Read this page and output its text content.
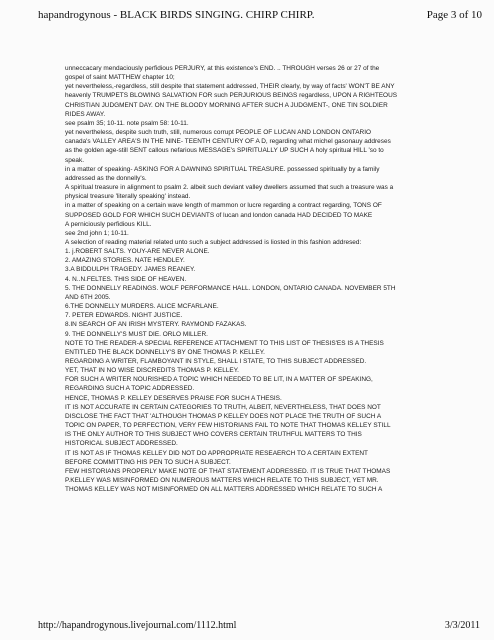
hapandrogynous - BLACK BIRDS SINGING. CHIRP CHIRP.	Page 3 of 10

unneccacary mendaciously perfidious PERJURY, at this existence's END. .. THROUGH verses 26 or 27 of the

gospel of saint MATTHEW chapter 10;

yet nevertheless,-regardless, still despite that statement addressed, THEIR clearly, by way of facts' WON'T BE ANY

heavenly TRUMPETS BLOWING SALVATION FOR such PERJURIOUS BEINGS regardless, UPON A RIGHTEOUS

CHRISTIAN JUDGMENT DAY. ON THE BLOODY MORNING AFTER SUCH A JUDGMENT-, ONE TIN SOLDIER

RIDES AWAY.

see psalm 35; 10-11. note psalm 58: 10-11.

yet nevertheless, despite such truth, still, numerous corrupt PEOPLE OF LUCAN AND LONDON ONTARIO

canada's VALLEY AREA'S IN THE NINE- TEENTH CENTURY OF A D, regarding what michel gasonauy addreses

as the golden age-still SENT callous nefarious MESSAGE's SPIRITUALLY UP SUCH A holy spiritual HILL 'so to

speak.

in a matter of speaking- ASKING FOR A DAWNING SPIRITUAL TREASURE. possessed spiritually by a family

addressed as the donnelly's.

A spiritual treasure in alignment to psalm 2. albeit such deviant valley dwellers assumed that such a treasure was a

physical treasure 'literally speaking' instead.

in a matter of speaking on a certain wave length of mammon or lucre regarding a contract regarding, TONS OF

SUPPOSED GOLD FOR WHICH SUCH DEVIANTS of lucan and london canada HAD DECIDED TO MAKE

A perniciously perfidious KILL.

see 2nd john 1; 10-11.

A selection of reading material related unto such a subject addressed is liosted in this fashion addresed:

1. j.ROBERT SALTS. YOUY-ARE NEVER ALONE.

2. AMAZING STORIES. NATE HENDLEY.

3.A BIDDULPH TRAGEDY. JAMES REANEY.

4. N..N.FELTES. THIS SIDE OF HEAVEN.

5. THE DONNELLY READINGS. WOLF PERFORMANCE HALL. LONDON, ONTARIO CANADA. NOVEMBER 5TH

AND 6TH 2005.

6.THE DONNELLY MURDERS. ALICE MCFARLANE.

7. PETER EDWARDS. NIGHT JUSTICE.

8.IN SEARCH OF AN IRISH MYSTERY. RAYMOND FAZAKAS.

9. THE DONNELLY'S MUST DIE. ORLO MILLER.

NOTE TO THE READER-A SPECIAL REFERENCE ATTACHMENT TO THIS LIST OF THESIS'ES IS A THESIS

ENTITLED THE BLACK DONNELLY'S BY ONE THOMAS P. KELLEY.

REGARDING A WRITER, FLAMBOYANT IN STYLE, SHALL I STATE, TO THIS SUBJECT ADDRESSED.

YET, THAT IN NO WISE DISCREDITS THOMAS P. KELLEY.

FOR SUCH A WRITER NOURISHED A TOPIC WHICH NEEDED TO BE LIT, IN A MATTER OF SPEAKING,

REGARDING SUCH A TOPIC ADDRESSED.

HENCE, THOMAS P. KELLEY DESERVES PRAISE FOR SUCH A THESIS.

IT IS NOT ACCURATE IN CERTAIN CATEGORIES TO TRUTH, ALBEIT, NEVERTHELESS, THAT DOES NOT

DISCLOSE THE FACT THAT 'ALTHOUGH THOMAS P KELLEY DOES NOT PLACE THE TRUTH OF SUCH A

TOPIC ON PAPER, TO PERFECTION, VERY FEW HISTORIANS FAIL TO NOTE THAT THOMAS KELLEY STILL

IS THE ONLY AUTHOR TO THIS SUBJECT WHO COVERS CERTAIN TRUTHFUL MATTERS TO THIS

HISTORICAL SUBJECT ADDRESSED.

IT IS NOT AS IF THOMAS KELLEY DID NOT DO APPROPRIATE RESEAERCH TO A CERTAIN EXTENT

BEFORE COMMITTING HIS PEN TO SUCH A SUBJECT.

FEW HISTORIANS PROPERLY MAKE NOTE OF THAT STATEMENT ADDRESSED. IT IS TRUE THAT THOMAS

P.KELLEY WAS MISINFORMED ON NUMEROUS MATTERS WHICH RELATE TO THIS SUBJECT, YET MR.

THOMAS KELLEY WAS NOT MISINFORMED ON ALL MATTERS ADDRESSED WHICH RELATE TO SUCH A

http://hapandrogynous.livejournal.com/1112.html	3/3/2011
